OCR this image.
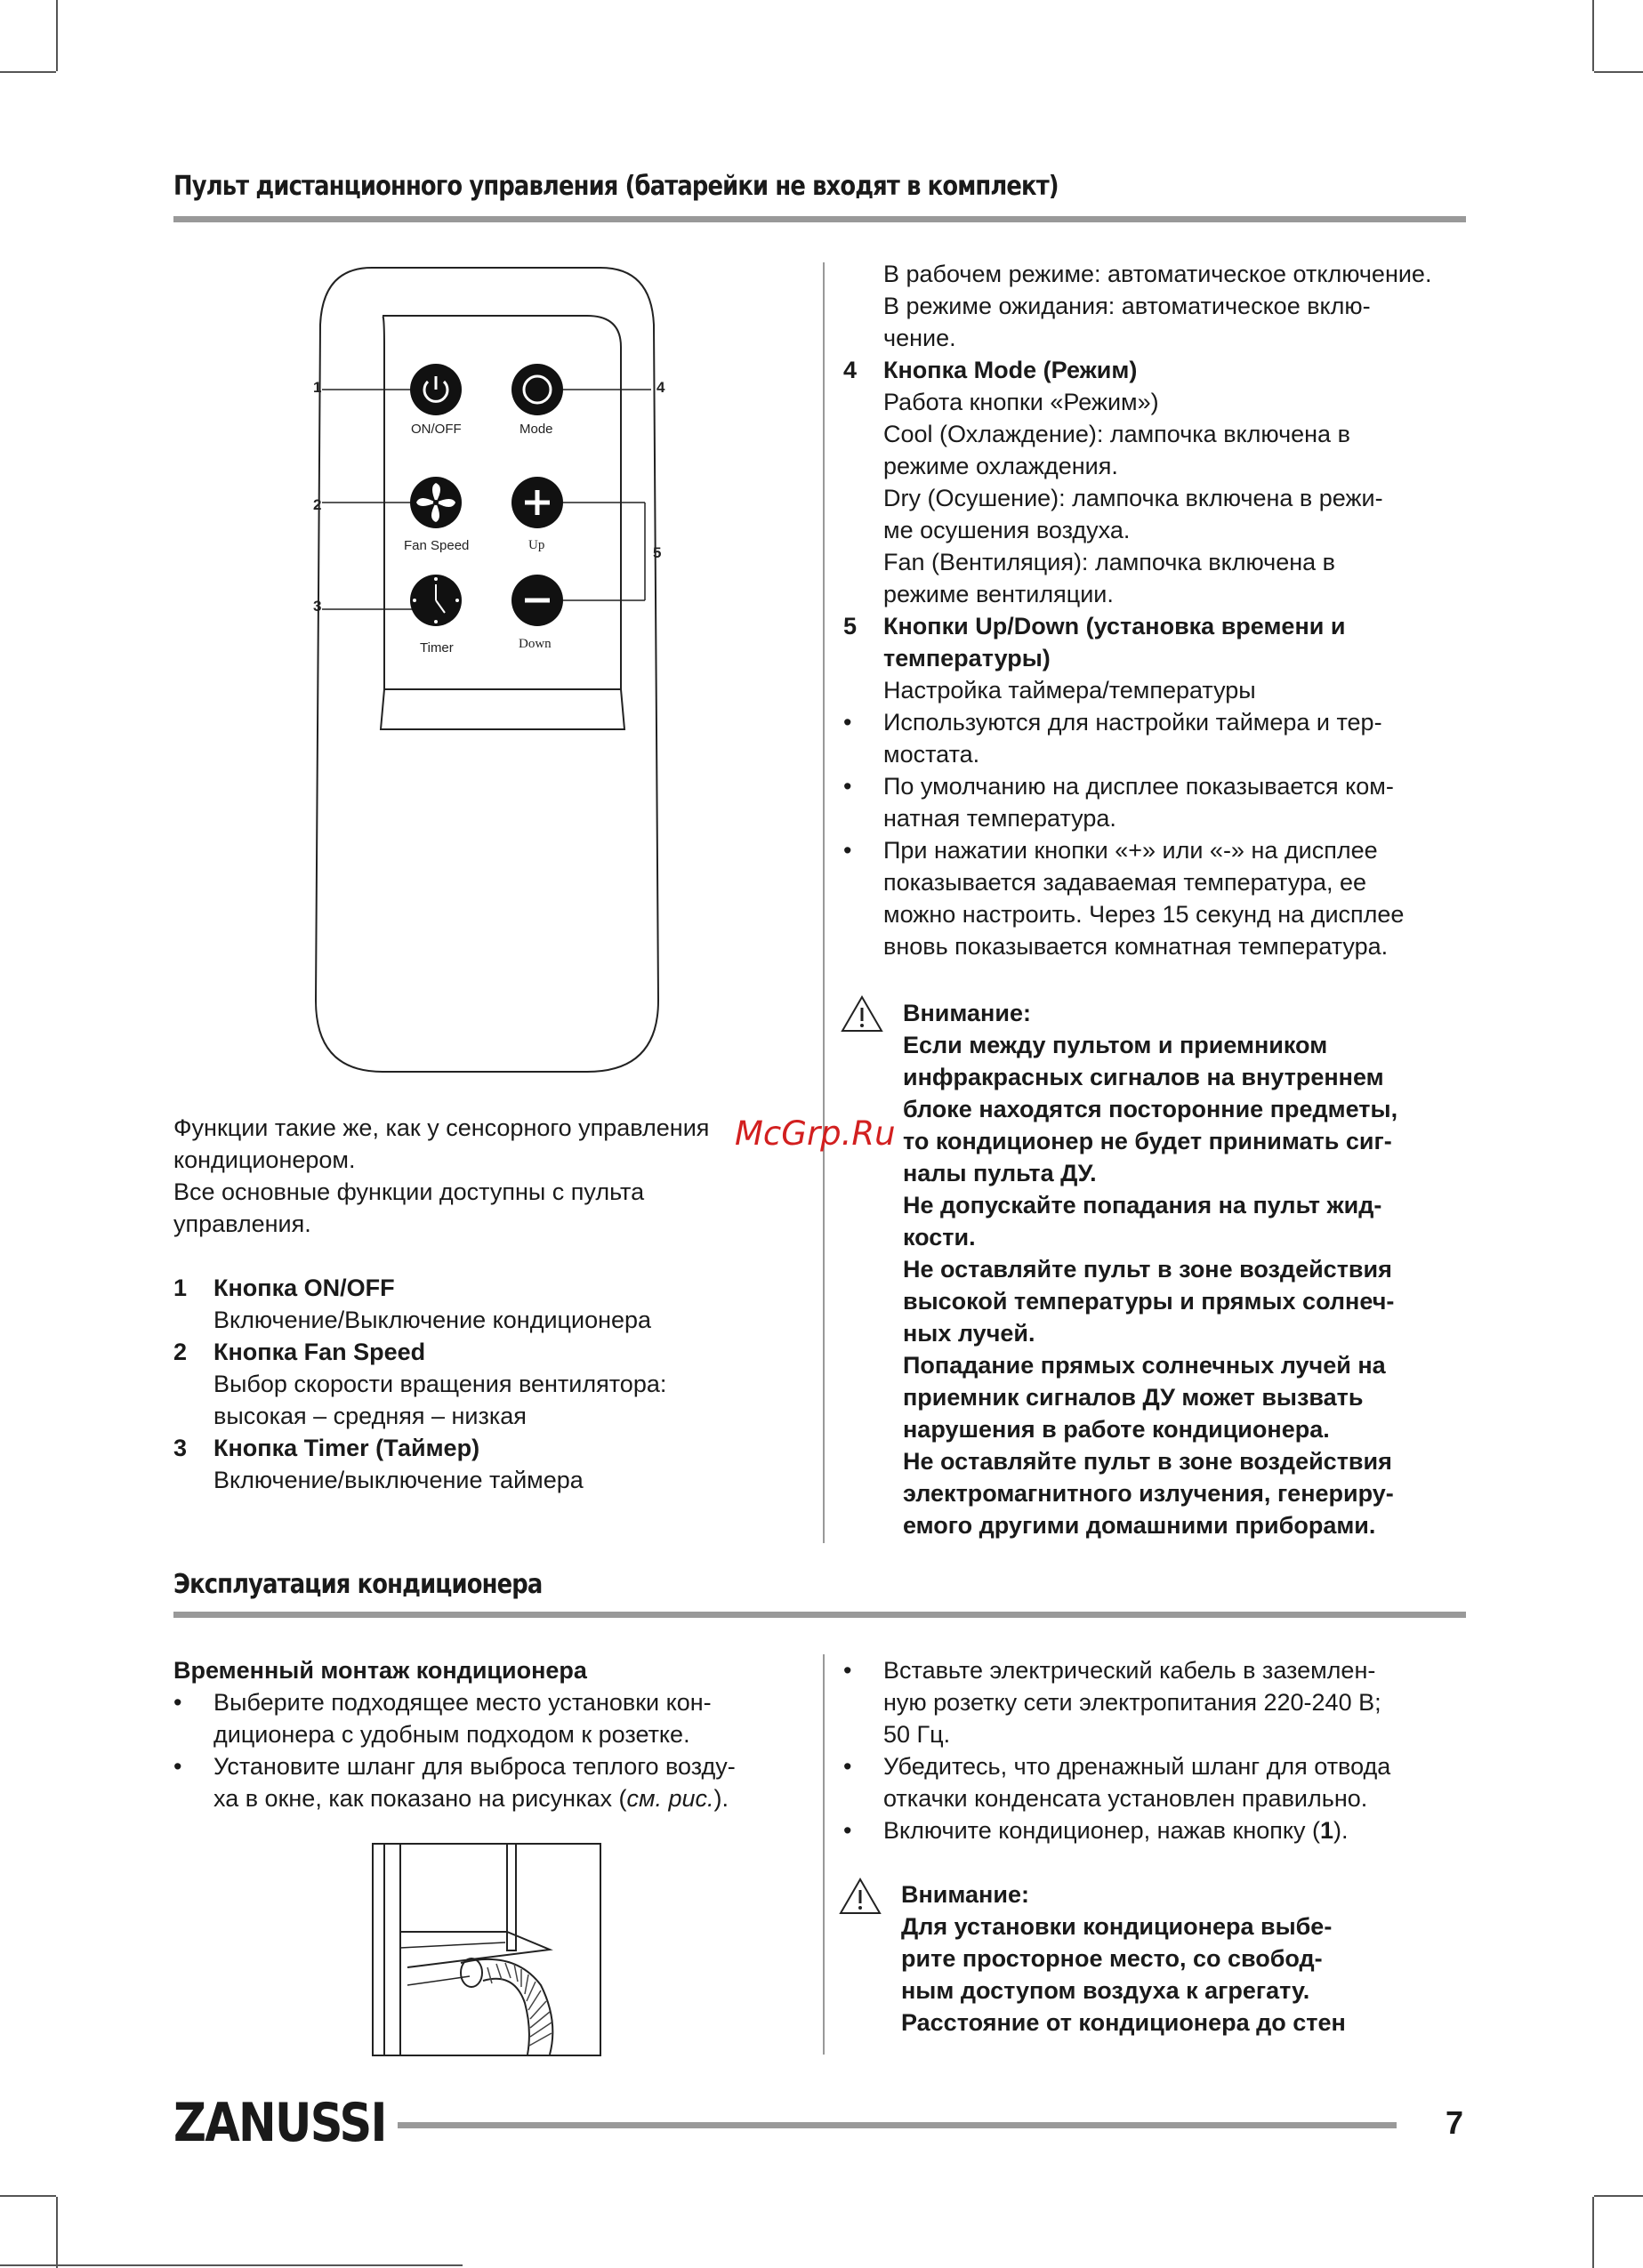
Пульт дистанционного управления (батарейки не входят в комплект)
ON/OFF	Mode
Fan Speed	Up
Timer	Down
1
2
3
4
5
Функции такие же, как у сенсорного управления
кондиционером.
Все основные функции доступны с пульта
управления.
1 Кнопка ON/OFF
Включение/Выключение кондиционера
2 Кнопка Fan Speed
Выбор скорости вращения вентилятора:
высокая – средняя – низкая
3 Кнопка Timer (Таймер)
Включение/выключение таймера
В рабочем режиме: автоматическое отключение.
В режиме ожидания: автоматическое вклю-
чение.
4 Кнопка Mode (Режим)
Работа кнопки «Режим»)
Cool (Охлаждение): лампочка включена в
режиме охлаждения.
Dry (Осушение): лампочка включена в режи-
ме осушения воздуха.
Fan (Вентиляция): лампочка включена в
режиме вентиляции.
5 Кнопки Up/Down (установка времени и
температуры)
Настройка таймера/температуры
• Используются для настройки таймера и тер-
мостата.
• По умолчанию на дисплее показывается ком-
натная температура.
• При нажатии кнопки «+» или «-» на дисплее
показывается задаваемая температура, ее
можно настроить. Через 15 секунд на дисплее
вновь показывается комнатная температура.
Внимание:
Если между пультом и приемником
инфракрасных сигналов на внутреннем
блоке находятся посторонние предметы,
то кондиционер не будет принимать сиг-
налы пульта ДУ.
Не допускайте попадания на пульт жид-
кости.
Не оставляйте пульт в зоне воздействия
высокой температуры и прямых солнеч-
ных лучей.
Попадание прямых солнечных лучей на
приемник сигналов ДУ может вызвать
нарушения в работе кондиционера.
Не оставляйте пульт в зоне воздействия
электромагнитного излучения, генериру-
емого другими домашними приборами.
McGrp.Ru
Эксплуатация кондиционера
Временный монтаж кондиционера
• Выберите подходящее место установки кон-
диционера с удобным подходом к розетке.
• Установите шланг для выброса теплого возду-
ха в окне, как показано на рисунках (см. рис.).
• Вставьте электрический кабель в заземлен-
ную розетку сети электропитания 220-240 В;
50 Гц.
• Убедитесь, что дренажный шланг для отвода
откачки конденсата установлен правильно.
• Включите кондиционер, нажав кнопку (1).
Внимание:
Для установки кондиционера выбе-
рите просторное место, со свобод-
ным доступом воздуха к агрегату.
Расстояние от кондиционера до стен
ZANUSSI	7
